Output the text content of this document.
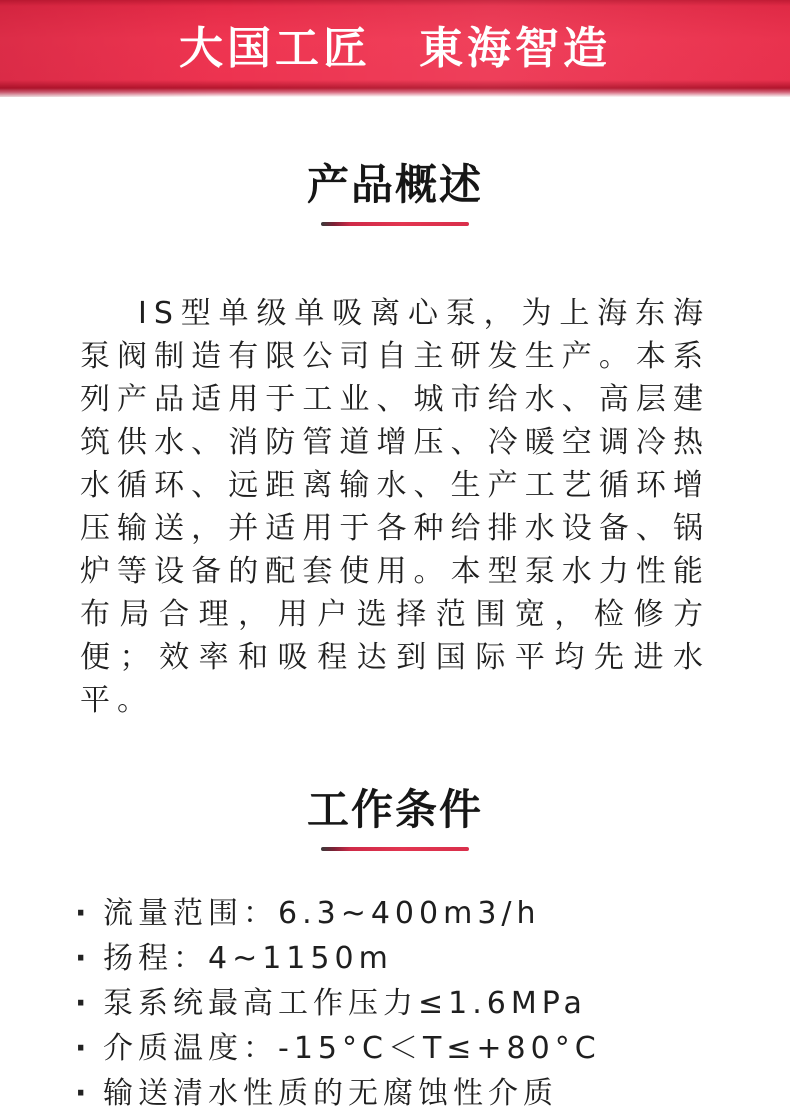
大国工匠　東海智造
产品概述

IS型单级单吸离心泵，为上海东海泵阀制造有限公司自主研发生产。本系列产品适用于工业、城市给水、高层建筑供水、消防管道增压、冷暖空调冷热水循环、远距离输水、生产工艺循环增压输送，并适用于各种给排水设备、锅炉等设备的配套使用。本型泵水力性能布局合理，用户选择范围宽，检修方便；效率和吸程达到国际平均先进水平。

工作条件
· 流量范围：6.3~400m3/h
· 扬程：4~1150m
· 泵系统最高工作压力≤1.6MPa
· 介质温度：-15°C＜T≤+80°C
· 输送清水性质的无腐蚀性介质
